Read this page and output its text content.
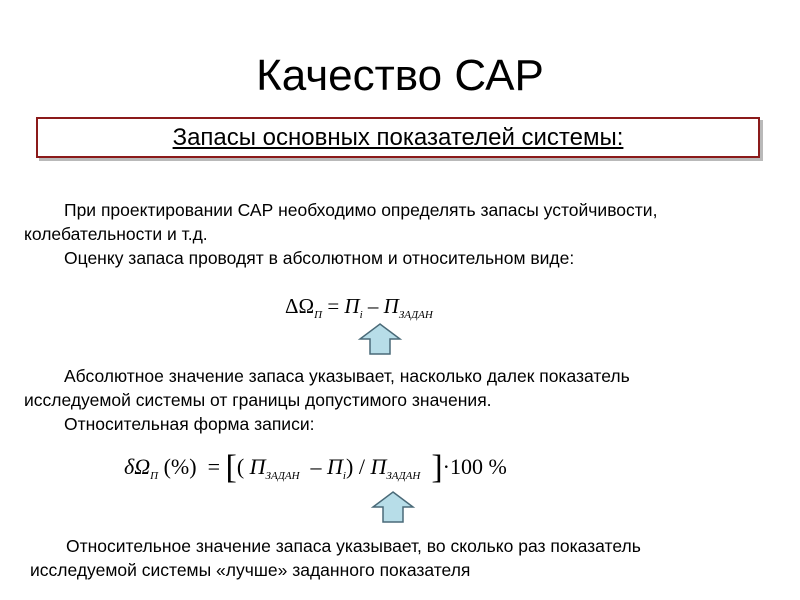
Качество САР
Запасы основных показателей системы:
При проектировании САР необходимо определять запасы устойчивости,
колебательности и т.д.
Оценку запаса проводят в абсолютном и относительном виде:
$\Delta\Omega_П = П_i - П_{ЗАДАН}$
Абсолютное значение запаса указывает, насколько далек показатель
исследуемой системы от границы допустимого значения.
Относительная форма записи:
$\delta\Omega_П$ (%) = [( $П_{ЗАДАН} - П_i) / П_{ЗАДАН}$ ]·100 %
Относительное значение запаса указывает, во сколько раз показатель
исследуемой системы «лучше» заданного показателя
